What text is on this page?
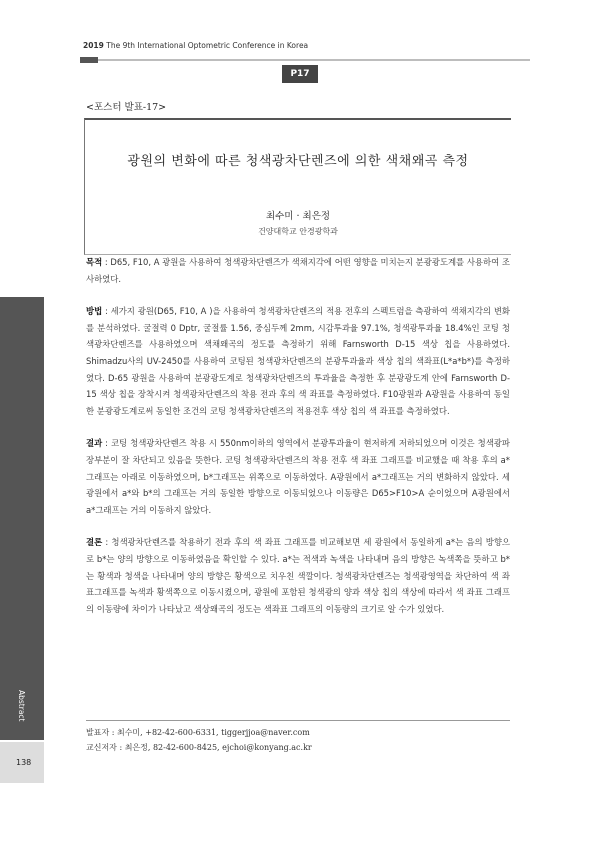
2019 The 9th International Optometric Conference in Korea
P17
<포스터 발표-17>
광원의 변화에 따른 청색광차단렌즈에 의한 색채왜곡 측정
최수미 · 최은정
건양대학교 안경광학과

목적 : D65, F10, A 광원을 사용하여 청색광차단렌즈가 색채지각에 어떤 영향을 미치는지 분광광도계를 사용하여 조사하였다.

방법 : 세가지 광원(D65, F10, A )을 사용하여 청색광차단렌즈의 적용 전후의 스펙트럼을 측광하여 색채지각의 변화를 분석하였다. 굴절력 0 Dptr, 굴절률 1.56, 중심두께 2mm, 시감투과율 97.1%, 청색광투과율 18.4%인 코팅 청색광차단렌즈를 사용하였으며 색채왜곡의 정도를 측정하기 위해 Farnsworth D-15 색상 칩을 사용하였다. Shimadzu사의 UV-2450를 사용하여 코팅된 청색광차단렌즈의 분광투과율과 색상 칩의 색좌표(L*a*b*)를 측정하였다. D-65 광원을 사용하여 분광광도계로 청색광차단렌즈의 투과율을 측정한 후 분광광도계 안에 Farnsworth D-15 색상 칩을 장착시켜 청색광차단렌즈의 착용 전과 후의 색 좌표를 측정하였다. F10광원과 A광원을 사용하여 동일한 분광광도계로써 동일한 조건의 코팅 청색광차단렌즈의 적용전후 색상 칩의 색 좌표를 측정하였다.

결과 : 코팅 청색광차단렌즈 착용 시 550nm이하의 영역에서 분광투과율이 현저하게 저하되었으며 이것은 청색광파장부분이 잘 차단되고 있음을 뜻한다. 코팅 청색광차단렌즈의 착용 전후 색 좌표 그래프를 비교했을 때 착용 후의 a*그래프는 아래로 이동하였으며, b*그래프는 위쪽으로 이동하였다. A광원에서 a*그래프는 거의 변화하지 않았다. 세 광원에서 a*와 b*의 그래프는 거의 동일한 방향으로 이동되었으나 이동량은 D65>F10>A 순이었으며 A광원에서 a*그래프는 거의 이동하지 않았다.

결론 : 청색광차단렌즈를 착용하기 전과 후의 색 좌표 그래프를 비교해보면 세 광원에서 동일하게 a*는 음의 방향으로 b*는 양의 방향으로 이동하였음을 확인할 수 있다. a*는 적색과 녹색을 나타내며 음의 방향은 녹색쪽을 뜻하고 b*는 황색과 청색을 나타내며 양의 방향은 황색으로 치우친 색깔이다. 청색광차단렌즈는 청색광영역을 차단하여 색 좌표그래프를 녹색과 황색쪽으로 이동시켰으며, 광원에 포함된 청색광의 양과 색상 칩의 색상에 따라서 색 좌표 그래프의 이동량에 차이가 나타났고 색상왜곡의 정도는 색좌표 그래프의 이동량의 크기로 알 수가 있었다.

Abstract
138
발표자 : 최수미, +82-42-600-6331, tiggerjjoa@naver.com
교신저자 : 최은정, 82-42-600-8425, ejchoi@konyang.ac.kr
